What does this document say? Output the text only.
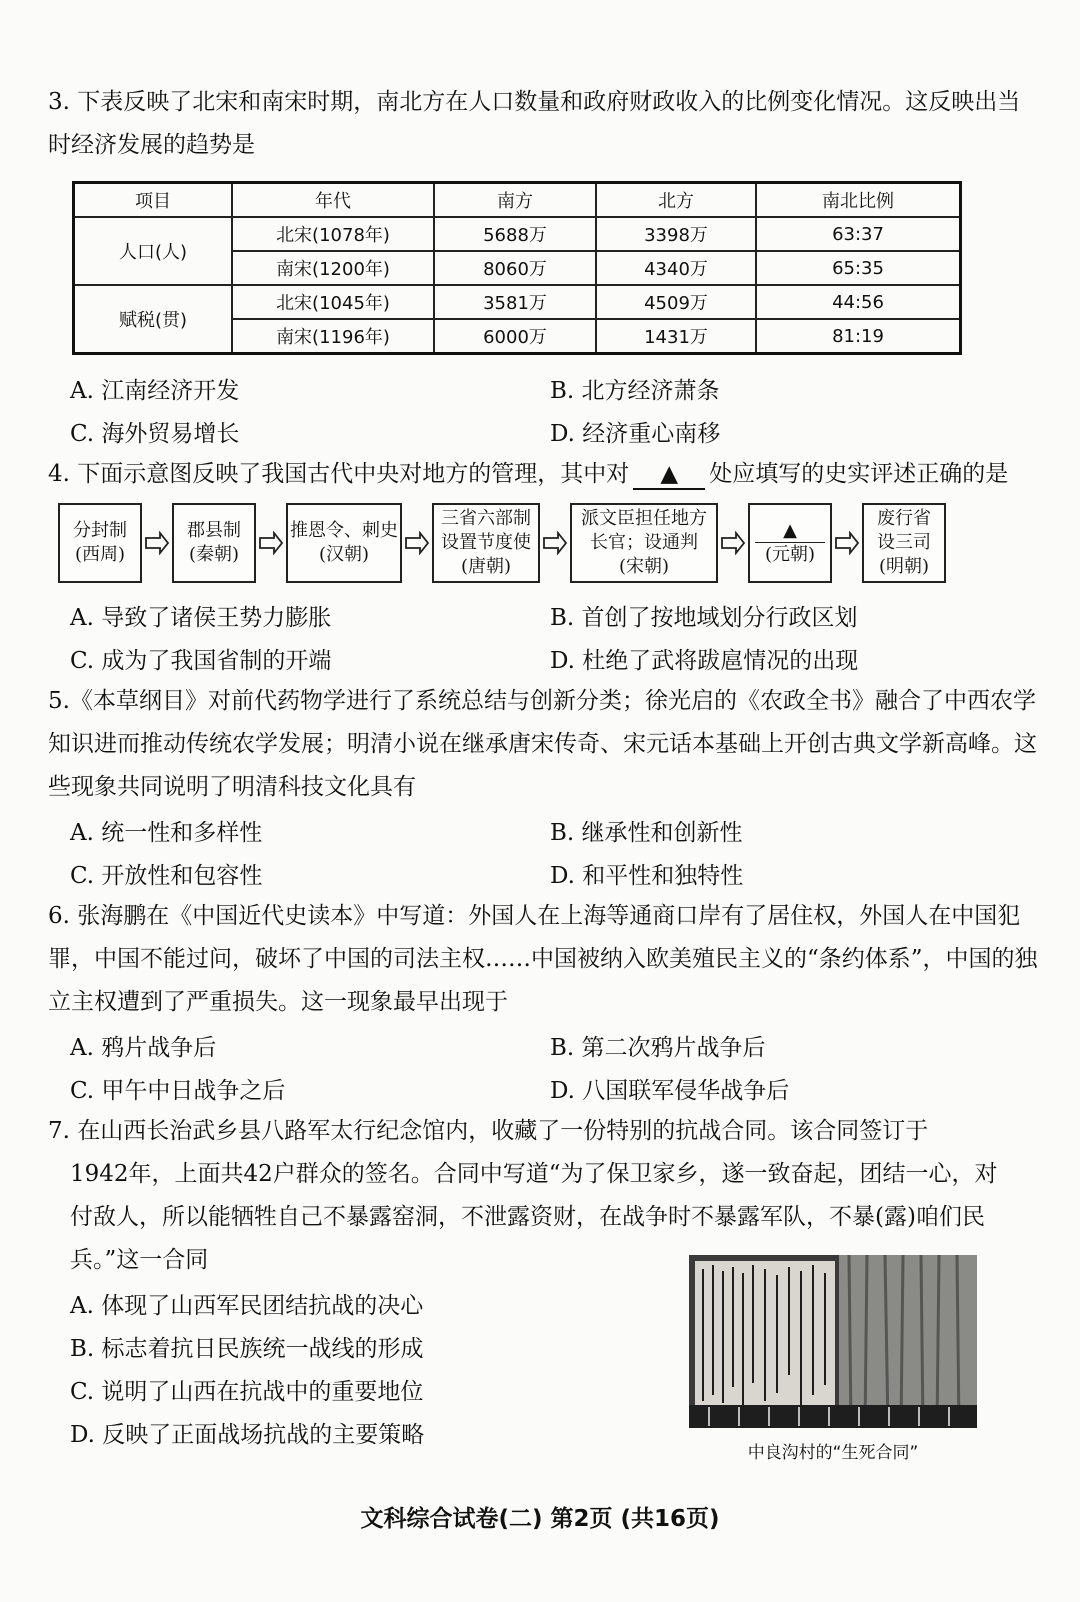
3. 下表反映了北宋和南宋时期，南北方在人口数量和政府财政收入的比例变化情况。这反映出当时经济发展的趋势是

项目	年代	南方	北方	南北比例
人口(人)	北宋(1078年)	5688万	3398万	63:37
	南宋(1200年)	8060万	4340万	65:35
赋税(贯)	北宋(1045年)	3581万	4509万	44:56
	南宋(1196年)	6000万	1431万	81:19
A. 江南经济开发	B. 北方经济萧条
C. 海外贸易增长	D. 经济重心南移

4. 下面示意图反映了我国古代中央对地方的管理，其中对 ▲ 处应填写的史实评述正确的是

分封制
(西周)
郡县制
(秦朝)
推恩令、刺史
(汉朝)
三省六部制
设置节度使
(唐朝)
派文臣担任地方
长官；设通判
(宋朝)
▲
(元朝)
废行省
设三司
(明朝)
A. 导致了诸侯王势力膨胀	B. 首创了按地域划分行政区划
C. 成为了我国省制的开端	D. 杜绝了武将跋扈情况的出现

5.《本草纲目》对前代药物学进行了系统总结与创新分类；徐光启的《农政全书》融合了中西农学知识进而推动传统农学发展；明清小说在继承唐宋传奇、宋元话本基础上开创古典文学新高峰。这些现象共同说明了明清科技文化具有

A. 统一性和多样性	B. 继承性和创新性
C. 开放性和包容性	D. 和平性和独特性

6. 张海鹏在《中国近代史读本》中写道：外国人在上海等通商口岸有了居住权，外国人在中国犯罪，中国不能过问，破坏了中国的司法主权……中国被纳入欧美殖民主义的“条约体系”，中国的独立主权遭到了严重损失。这一现象最早出现于

A. 鸦片战争后	B. 第二次鸦片战争后
C. 甲午中日战争之后	D. 八国联军侵华战争后
7. 在山西长治武乡县八路军太行纪念馆内，收藏了一份特别的抗战合同。该合同签订于
1942年，上面共42户群众的签名。合同中写道“为了保卫家乡，遂一致奋起，团结一心，对
付敌人，所以能牺牲自己不暴露窑洞，不泄露资财，在战争时不暴露军队，不暴(露)咱们民
兵。”这一合同
A. 体现了山西军民团结抗战的决心
B. 标志着抗日民族统一战线的形成
C. 说明了山西在抗战中的重要地位
D. 反映了正面战场抗战的主要策略
中良沟村的“生死合同”
文科综合试卷(二) 第2页 (共16页)
